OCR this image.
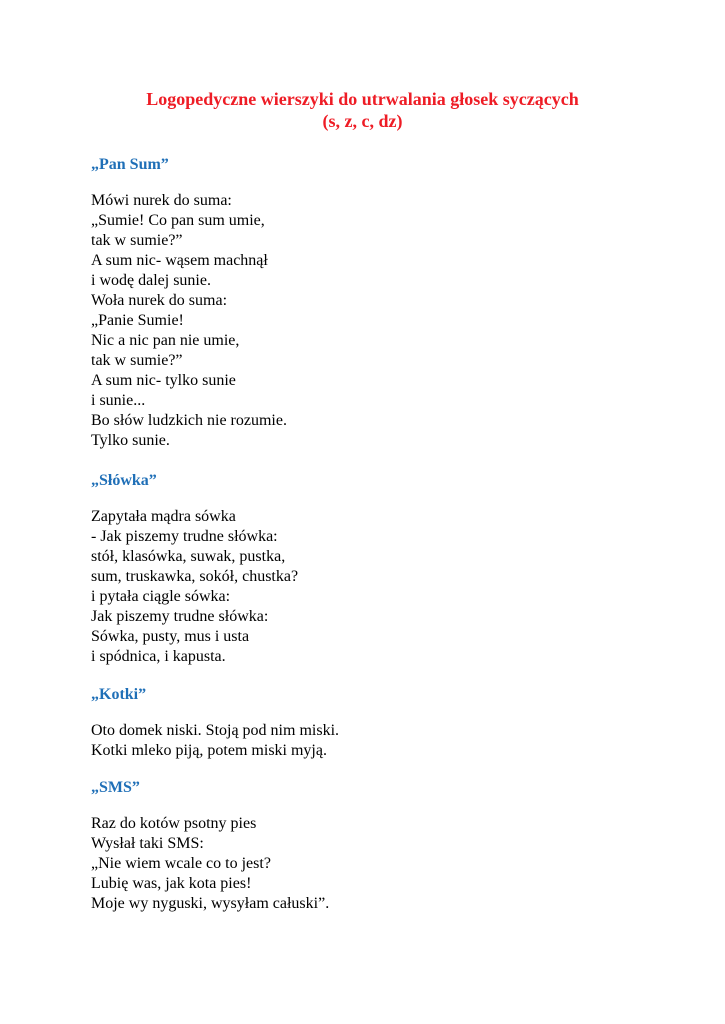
Logopedyczne wierszyki do utrwalania głosek syczących
(s, z, c, dz)
„Pan Sum”
Mówi nurek do suma:
„Sumie! Co pan sum umie,
tak w sumie?”
A sum nic- wąsem machnął
i wodę dalej sunie.
Woła nurek do suma:
„Panie Sumie!
Nic a nic pan nie umie,
tak w sumie?”
A sum nic- tylko sunie
i sunie...
Bo słów ludzkich nie rozumie.
Tylko sunie.
„Słówka”
Zapytała mądra sówka
- Jak piszemy trudne słówka:
stół, klasówka, suwak, pustka,
sum, truskawka, sokół, chustka?
i pytała ciągle sówka:
Jak piszemy trudne słówka:
Sówka, pusty, mus i usta
i spódnica, i kapusta.
„Kotki”
Oto domek niski. Stoją pod nim miski.
Kotki mleko piją, potem miski myją.
„SMS”
Raz do kotów psotny pies
Wysłał taki SMS:
„Nie wiem wcale co to jest?
Lubię was, jak kota pies!
Moje wy nyguski, wysyłam całuski”.
